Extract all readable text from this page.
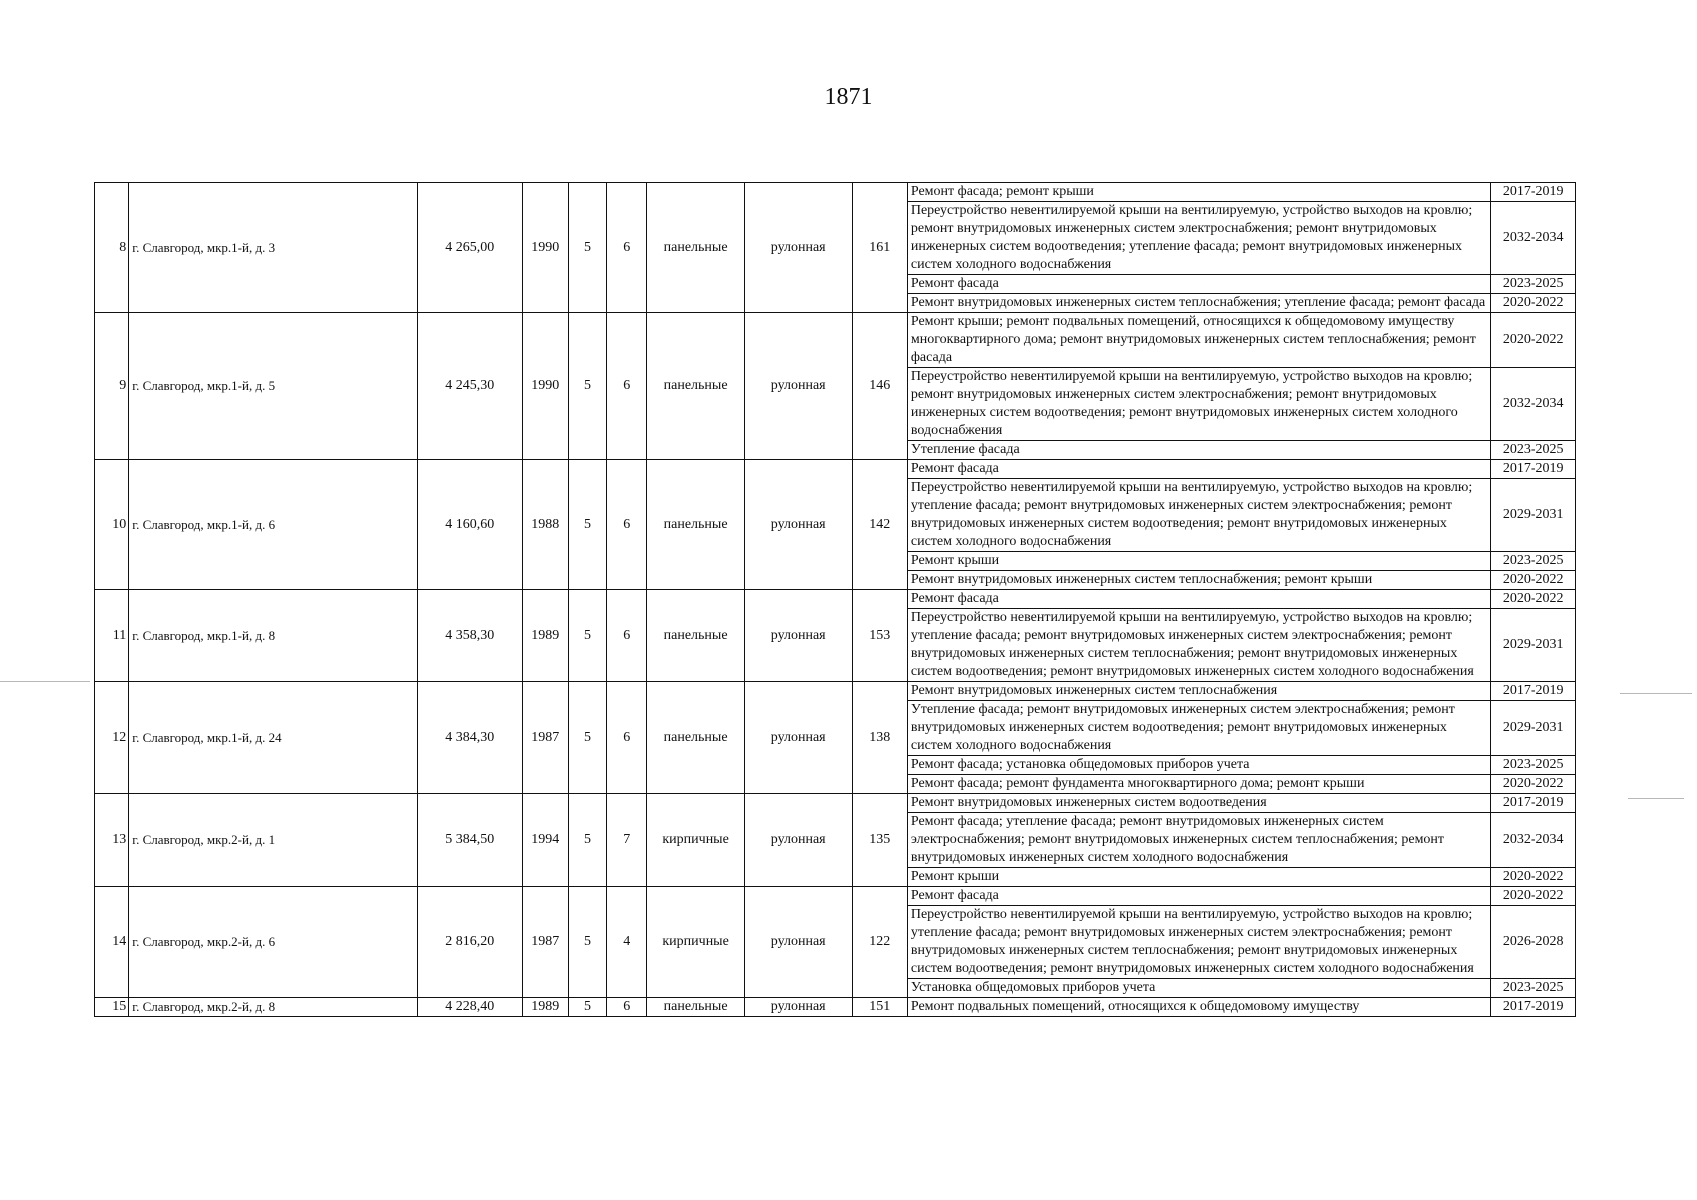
1871
8	г. Славгород, мкр.1-й, д. 3	4 265,00	1990	5	6	панельные	рулонная	161	Ремонт фасада; ремонт крыши	2017-2019
									Переустройство невентилируемой крыши на вентилируемую, устройство выходов на кровлю; ремонт внутридомовых инженерных систем электроснабжения; ремонт внутридомовых инженерных систем водоотведения; утепление фасада; ремонт внутридомовых инженерных систем холодного водоснабжения	2032-2034
									Ремонт фасада	2023-2025
									Ремонт внутридомовых инженерных систем теплоснабжения; утепление фасада; ремонт фасада	2020-2022
9	г. Славгород, мкр.1-й, д. 5	4 245,30	1990	5	6	панельные	рулонная	146	Ремонт крыши; ремонт подвальных помещений, относящихся к общедомовому имуществу многоквартирного дома; ремонт внутридомовых инженерных систем теплоснабжения; ремонт фасада	2020-2022
									Переустройство невентилируемой крыши на вентилируемую, устройство выходов на кровлю; ремонт внутридомовых инженерных систем электроснабжения; ремонт внутридомовых инженерных систем водоотведения; ремонт внутридомовых инженерных систем холодного водоснабжения	2032-2034
									Утепление фасада	2023-2025
10	г. Славгород, мкр.1-й, д. 6	4 160,60	1988	5	6	панельные	рулонная	142	Ремонт фасада	2017-2019
									Переустройство невентилируемой крыши на вентилируемую, устройство выходов на кровлю; утепление фасада; ремонт внутридомовых инженерных систем электроснабжения; ремонт внутридомовых инженерных систем водоотведения; ремонт внутридомовых инженерных систем холодного водоснабжения	2029-2031
									Ремонт крыши	2023-2025
									Ремонт внутридомовых инженерных систем теплоснабжения; ремонт крыши	2020-2022
11	г. Славгород, мкр.1-й, д. 8	4 358,30	1989	5	6	панельные	рулонная	153	Ремонт фасада	2020-2022
									Переустройство невентилируемой крыши на вентилируемую, устройство выходов на кровлю; утепление фасада; ремонт внутридомовых инженерных систем электроснабжения; ремонт внутридомовых инженерных систем теплоснабжения; ремонт внутридомовых инженерных систем водоотведения; ремонт внутридомовых инженерных систем холодного водоснабжения	2029-2031
12	г. Славгород, мкр.1-й, д. 24	4 384,30	1987	5	6	панельные	рулонная	138	Ремонт внутридомовых инженерных систем теплоснабжения	2017-2019
									Утепление фасада; ремонт внутридомовых инженерных систем электроснабжения; ремонт внутридомовых инженерных систем водоотведения; ремонт внутридомовых инженерных систем холодного водоснабжения	2029-2031
									Ремонт фасада; установка общедомовых приборов учета	2023-2025
									Ремонт фасада; ремонт фундамента многоквартирного дома; ремонт крыши	2020-2022
13	г. Славгород, мкр.2-й, д. 1	5 384,50	1994	5	7	кирпичные	рулонная	135	Ремонт внутридомовых инженерных систем водоотведения	2017-2019
									Ремонт фасада; утепление фасада; ремонт внутридомовых инженерных систем электроснабжения; ремонт внутридомовых инженерных систем теплоснабжения; ремонт внутридомовых инженерных систем холодного водоснабжения	2032-2034
									Ремонт крыши	2020-2022
14	г. Славгород, мкр.2-й, д. 6	2 816,20	1987	5	4	кирпичные	рулонная	122	Ремонт фасада	2020-2022
									Переустройство невентилируемой крыши на вентилируемую, устройство выходов на кровлю; утепление фасада; ремонт внутридомовых инженерных систем электроснабжения; ремонт внутридомовых инженерных систем теплоснабжения; ремонт внутридомовых инженерных систем водоотведения; ремонт внутридомовых инженерных систем холодного водоснабжения	2026-2028
									Установка общедомовых приборов учета	2023-2025
15	г. Славгород, мкр.2-й, д. 8	4 228,40	1989	5	6	панельные	рулонная	151	Ремонт подвальных помещений, относящихся к общедомовому имуществу	2017-2019
